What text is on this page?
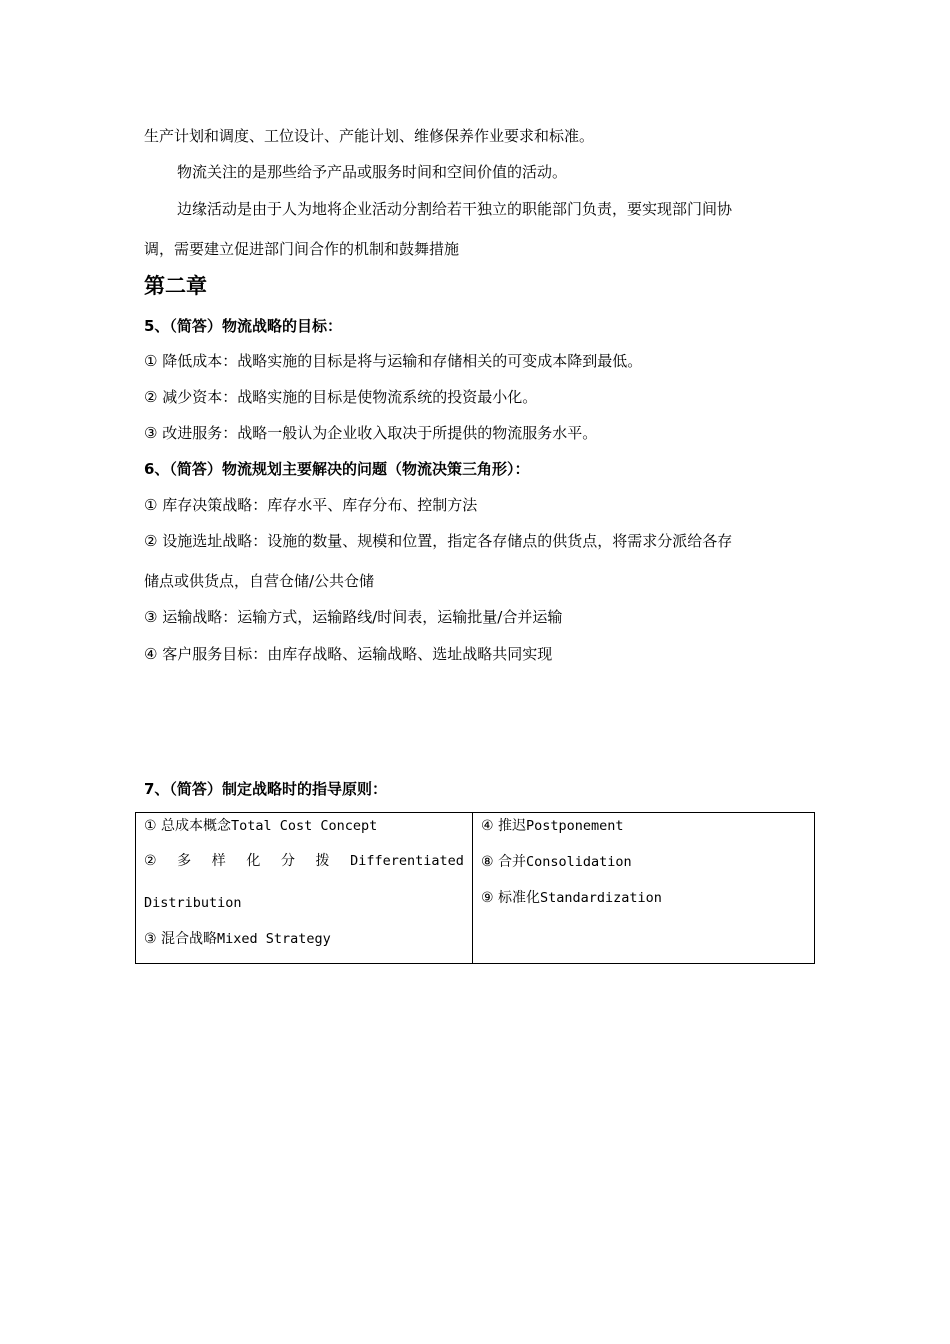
生产计划和调度、工位设计、产能计划、维修保养作业要求和标准。
物流关注的是那些给予产品或服务时间和空间价值的活动。
边缘活动是由于人为地将企业活动分割给若干独立的职能部门负责，要实现部门间协
调，需要建立促进部门间合作的机制和鼓舞措施
第二章
5、（简答）物流战略的目标：
① 降低成本：战略实施的目标是将与运输和存储相关的可变成本降到最低。
② 减少资本：战略实施的目标是使物流系统的投资最小化。
③ 改进服务：战略一般认为企业收入取决于所提供的物流服务水平。
6、（简答）物流规划主要解决的问题（物流决策三角形）：
① 库存决策战略：库存水平、库存分布、控制方法
② 设施选址战略：设施的数量、规模和位置，指定各存储点的供货点，将需求分派给各存
储点或供货点，自营仓储/公共仓储
③ 运输战略：运输方式，运输路线/时间表，运输批量/合并运输
④ 客户服务目标：由库存战略、运输战略、选址战略共同实现
7、（简答）制定战略时的指导原则：
① 总成本概念Total Cost Concept
② 多 样 化 分 拨 Differentiated
Distribution
③ 混合战略Mixed Strategy
④ 推迟Postponement
⑧ 合并Consolidation
⑨ 标准化Standardization
